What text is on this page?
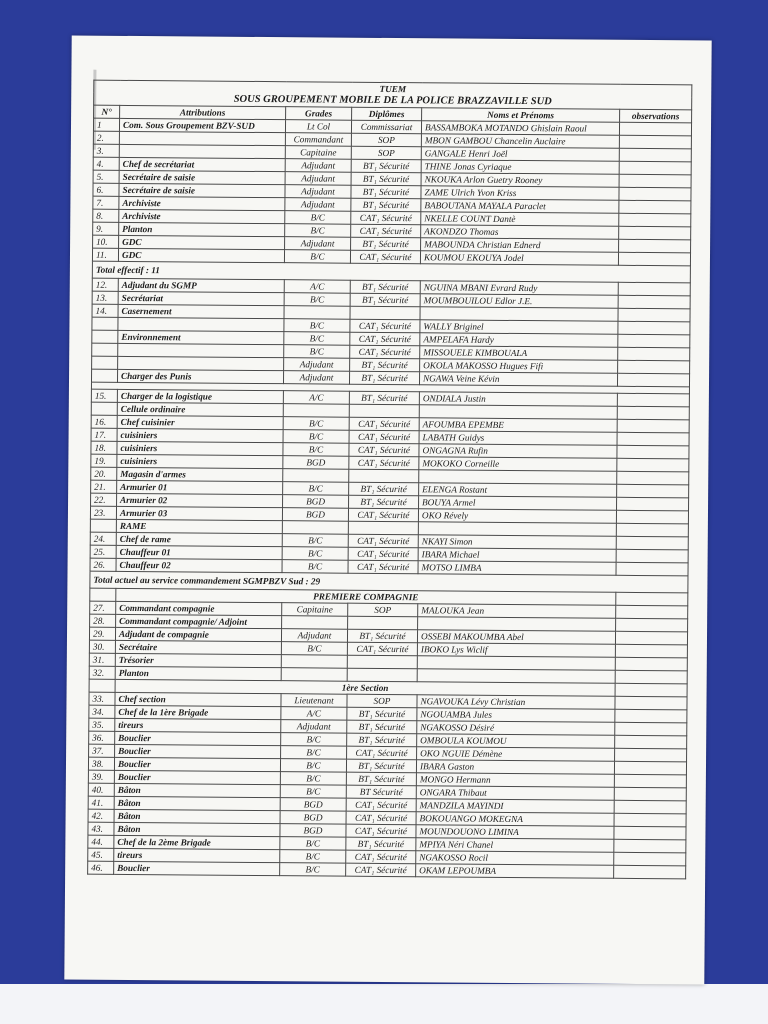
TUEM					
SOUS GROUPEMENT MOBILE DE LA POLICE BRAZZAVILLE SUD					
N°	Attributions	Grades	Diplômes	Noms et Prénoms	observations
1	Com. Sous Groupement BZV-SUD	Lt Col	Commissariat	BASSAMBOKA MOTANDO Ghislain Raoul	
2.		Commandant	SOP	MBON GAMBOU Chancelin Auclaire	
3.		Capitaine	SOP	GANGALE Henri Joël	
4.	Chef de secrétariat	Adjudant	BT₁ Sécurité	THINE Jonas Cyriaque	
5.	Secrétaire de saisie	Adjudant	BT₁ Sécurité	NKOUKA Arlon Guetry Rooney	
6.	Secrétaire de saisie	Adjudant	BT₁ Sécurité	ZAME Ulrich Yvon Kriss	
7.	Archiviste	Adjudant	BT₁ Sécurité	BABOUTANA MAYALA Paraclet	
8.	Archiviste	B/C	CAT₁ Sécurité	NKELLE COUNT Dantè	
9.	Planton	B/C	CAT₁ Sécurité	AKONDZO Thomas	
10.	GDC	Adjudant	BT₁ Sécurité	MABOUNDA Christian Ednerd	
11.	GDC	B/C	CAT₁ Sécurité	KOUMOU EKOUYA Jodel	
Total effectif : 11					
12.	Adjudant du SGMP	A/C	BT₁ Sécurité	NGUINA MBANI Evrard Rudy	
13.	Secrétariat	B/C	BT₁ Sécurité	MOUMBOUILOU Edlor J.E.	
14.	Casernement				
		B/C	CAT₁ Sécurité	WALLY Briginel	
	Environnement	B/C	CAT₁ Sécurité	AMPELAFA Hardy	
		B/C	CAT₁ Sécurité	MISSOUELE KIMBOUALA	
		Adjudant	BT₁ Sécurité	OKOLA MAKOSSO Hugues Fifi	
	Charger des Punis	Adjudant	BT₁ Sécurité	NGAWA Veine Kévin	

15.	Charger de la logistique	A/C	BT₁ Sécurité	ONDIALA Justin	
	Cellule ordinaire				
16.	Chef cuisinier	B/C	CAT₁ Sécurité	AFOUMBA EPEMBE	
17.	cuisiniers	B/C	CAT₁ Sécurité	LABATH Guidys	
18.	cuisiniers	B/C	CAT₁ Sécurité	ONGAGNA Rufin	
19.	cuisiniers	BGD	CAT₁ Sécurité	MOKOKO Corneille	
20.	Magasin d'armes				
21.	Armurier 01	B/C	BT₁ Sécurité	ELENGA Rostant	
22.	Armurier 02	BGD	BT₁ Sécurité	BOUYA Armel	
23.	Armurier 03	BGD	CAT₁ Sécurité	OKO Révely	
	RAME				
24.	Chef de rame	B/C	CAT₁ Sécurité	NKAYI Simon	
25.	Chauffeur 01	B/C	CAT₁ Sécurité	IBARA Michael	
26.	Chauffeur 02	B/C	CAT₁ Sécurité	MOTSO LIMBA	
Total actuel au service commandement SGMPBZV Sud : 29					
	PREMIERE COMPAGNIE				
27.	Commandant compagnie	Capitaine	SOP	MALOUKA Jean	
28.	Commandant compagnie/ Adjoint				
29.	Adjudant de compagnie	Adjudant	BT₁ Sécurité	OSSEBI MAKOUMBA Abel	
30.	Secrétaire	B/C	CAT₁ Sécurité	IBOKO Lys Wiclif	
31.	Trésorier				
32.	Planton				
	1ère Section				
33.	Chef section	Lieutenant	SOP	NGAVOUKA Lévy Christian	
34.	Chef de la 1ère Brigade	A/C	BT₁ Sécurité	NGOUAMBA Jules	
35.	tireurs	Adjudant	BT₁ Sécurité	NGAKOSSO Désiré	
36.	Bouclier	B/C	BT₁ Sécurité	OMBOULA KOUMOU	
37.	Bouclier	B/C	CAT₁ Sécurité	OKO NGUIE Démène	
38.	Bouclier	B/C	BT₁ Sécurité	IBARA Gaston	
39.	Bouclier	B/C	BT₁ Sécurité	MONGO Hermann	
40.	Bâton	B/C	BT Sécurité	ONGARA Thibaut	
41.	Bâton	BGD	CAT₁ Sécurité	MANDZILA MAYINDI	
42.	Bâton	BGD	CAT₁ Sécurité	BOKOUANGO MOKEGNA	
43.	Bâton	BGD	CAT₁ Sécurité	MOUNDOUONO LIMINA	
44.	Chef de la 2ème Brigade	B/C	BT₁ Sécurité	MPIYA Néri Chanel	
45.	tireurs	B/C	CAT₁ Sécurité	NGAKOSSO Rocil	
46.	Bouclier	B/C	CAT₁ Sécurité	OKAM LEPOUMBA	
